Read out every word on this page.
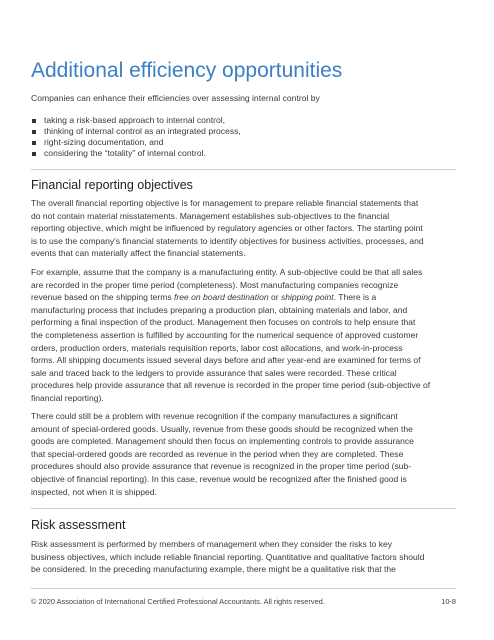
Additional efficiency opportunities

Companies can enhance their efficiencies over assessing internal control by

taking a risk-based approach to internal control,
thinking of internal control as an integrated process,
right-sizing documentation, and
considering the “totality” of internal control.
Financial reporting objectives
The overall financial reporting objective is for management to prepare reliable financial statements that
do not contain material misstatements. Management establishes sub-objectives to the financial
reporting objective, which might be influenced by regulatory agencies or other factors. The starting point
is to use the company's financial statements to identify objectives for business activities, processes, and
events that can materially affect the financial statements.
For example, assume that the company is a manufacturing entity. A sub-objective could be that all sales
are recorded in the proper time period (completeness). Most manufacturing companies recognize
revenue based on the shipping terms free on board destination or shipping point. There is a
manufacturing process that includes preparing a production plan, obtaining materials and labor, and
performing a final inspection of the product. Management then focuses on controls to help ensure that
the completeness assertion is fulfilled by accounting for the numerical sequence of approved customer
orders, production orders, materials requisition reports, labor cost allocations, and work-in-process
forms. All shipping documents issued several days before and after year-end are examined for terms of
sale and traced back to the ledgers to provide assurance that sales were recorded. These critical
procedures help provide assurance that all revenue is recorded in the proper time period (sub-objective of
financial reporting).
There could still be a problem with revenue recognition if the company manufactures a significant
amount of special-ordered goods. Usually, revenue from these goods should be recognized when the
goods are completed. Management should then focus on implementing controls to provide assurance
that special-ordered goods are recorded as revenue in the period when they are completed. These
procedures should also provide assurance that revenue is recognized in the proper time period (sub-
objective of financial reporting). In this case, revenue would be recognized after the finished good is
inspected, not when it is shipped.
Risk assessment
Risk assessment is performed by members of management when they consider the risks to key
business objectives, which include reliable financial reporting. Quantitative and qualitative factors should
be considered. In the preceding manufacturing example, there might be a qualitative risk that the
© 2020 Association of International Certified Professional Accountants. All rights reserved.	10-8
